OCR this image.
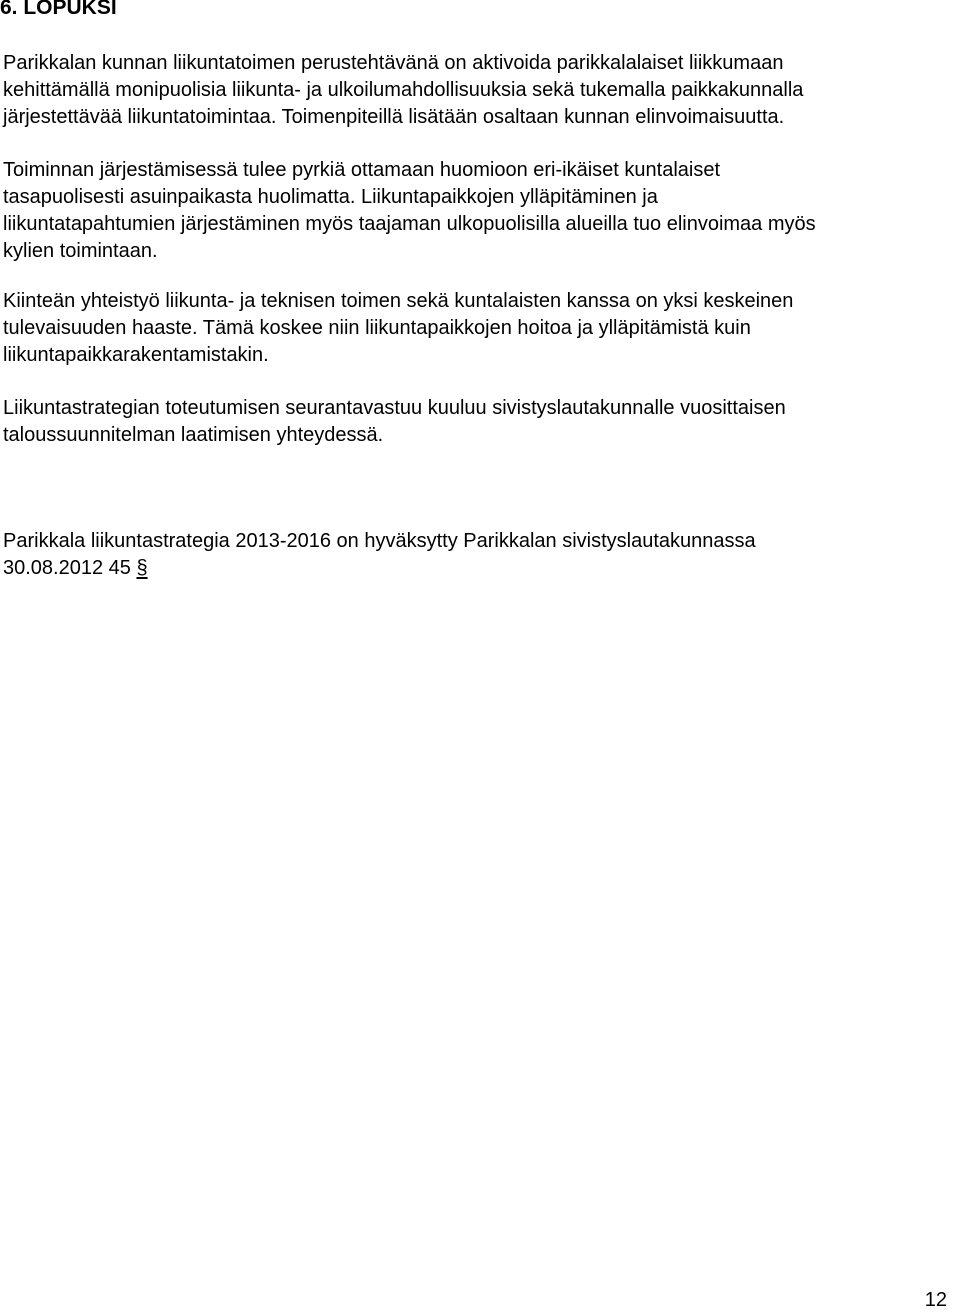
6. LOPUKSI

Parikkalan kunnan liikuntatoimen perustehtävänä on aktivoida parikkalalaiset liikkumaan
kehittämällä monipuolisia liikunta- ja ulkoilumahdollisuuksia sekä tukemalla paikkakunnalla
järjestettävää liikuntatoimintaa. Toimenpiteillä lisätään osaltaan kunnan elinvoimaisuutta.

Toiminnan järjestämisessä tulee pyrkiä ottamaan huomioon eri-ikäiset kuntalaiset
tasapuolisesti asuinpaikasta huolimatta. Liikuntapaikkojen ylläpitäminen ja
liikuntatapahtumien järjestäminen myös taajaman ulkopuolisilla alueilla tuo elinvoimaa myös
kylien toimintaan.

Kiinteän yhteistyö liikunta- ja teknisen toimen sekä kuntalaisten kanssa on yksi keskeinen
tulevaisuuden haaste. Tämä koskee niin liikuntapaikkojen hoitoa ja ylläpitämistä kuin
liikuntapaikkarakentamistakin.

Liikuntastrategian toteutumisen seurantavastuu kuuluu sivistyslautakunnalle vuosittaisen
taloussuunnitelman laatimisen yhteydessä.

Parikkala liikuntastrategia 2013-2016 on hyväksytty Parikkalan sivistyslautakunnassa
30.08.2012 45 §

12
